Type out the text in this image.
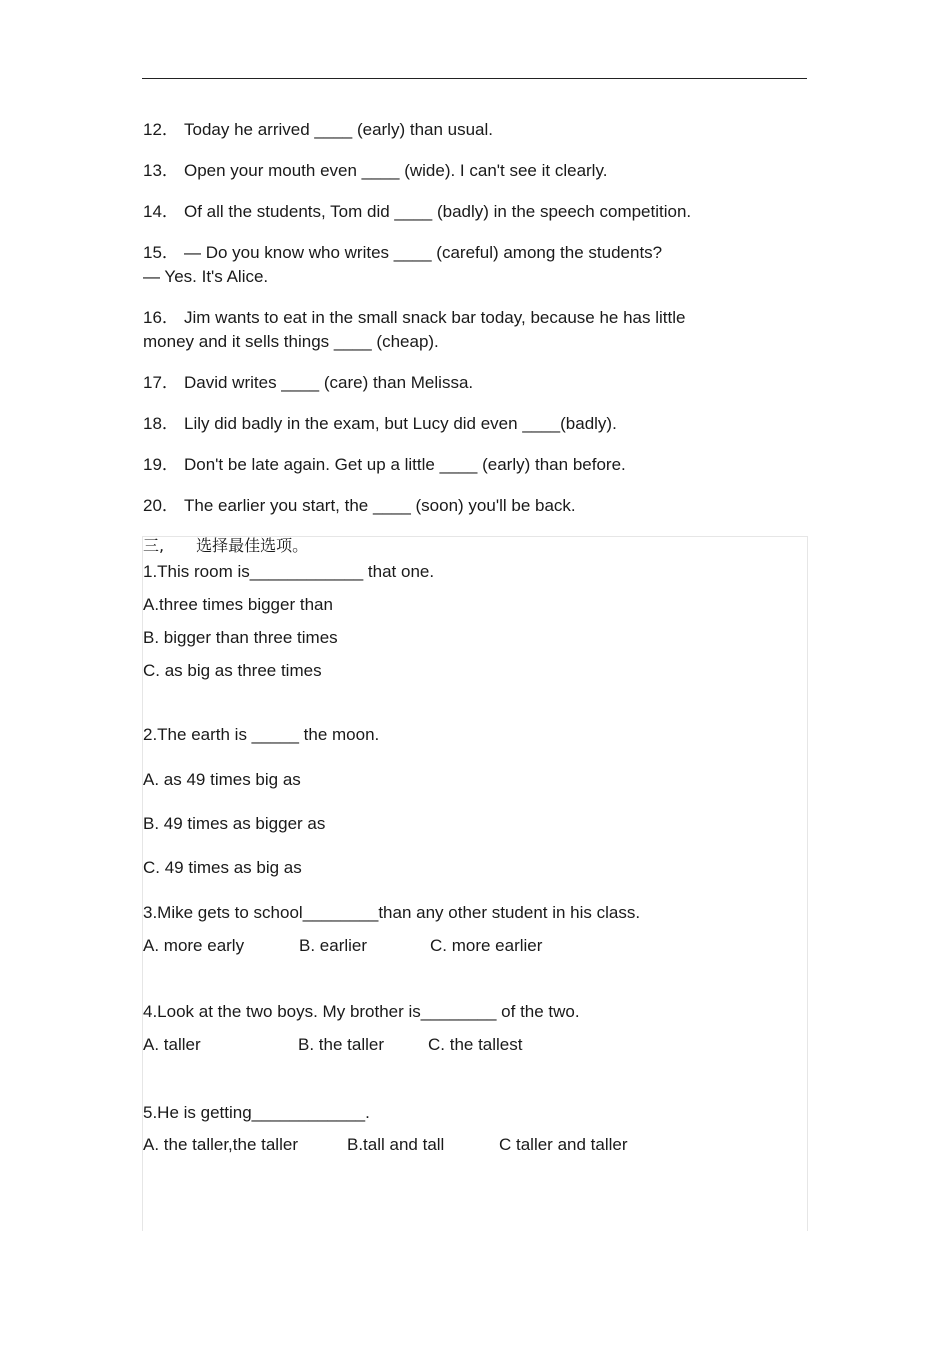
12． Today he arrived ____ (early) than usual.
13． Open your mouth even ____ (wide). I can't see it clearly.
14． Of all the students, Tom did ____ (badly) in the speech competition.
15． — Do you know who writes ____ (careful) among the students?
— Yes. It's Alice.
16． Jim wants to eat in the small snack bar today, because he has little
money and it sells things ____ (cheap).
17． David writes ____ (care) than Melissa.
18． Lily did badly in the exam, but Lucy did even ____(badly).
19． Don't be late again. Get up a little ____ (early) than before.
20． The earlier you start, the ____ (soon) you'll be back.
三,　　选择最佳选项。
1.This room is____________ that one.
A.three times bigger than
B. bigger than three times
C. as big as three times
2.The earth is _____ the moon.
A. as 49 times big as
B. 49 times as bigger as
C. 49 times as big as
3.Mike gets to school________than any other student in his class.
A. more early	B. earlier	C. more earlier
4.Look at the two boys. My brother is________ of the two.
A. taller	B. the taller	C. the tallest
5.He is getting____________.
A. the taller,the taller	B.tall and tall	C taller and taller
